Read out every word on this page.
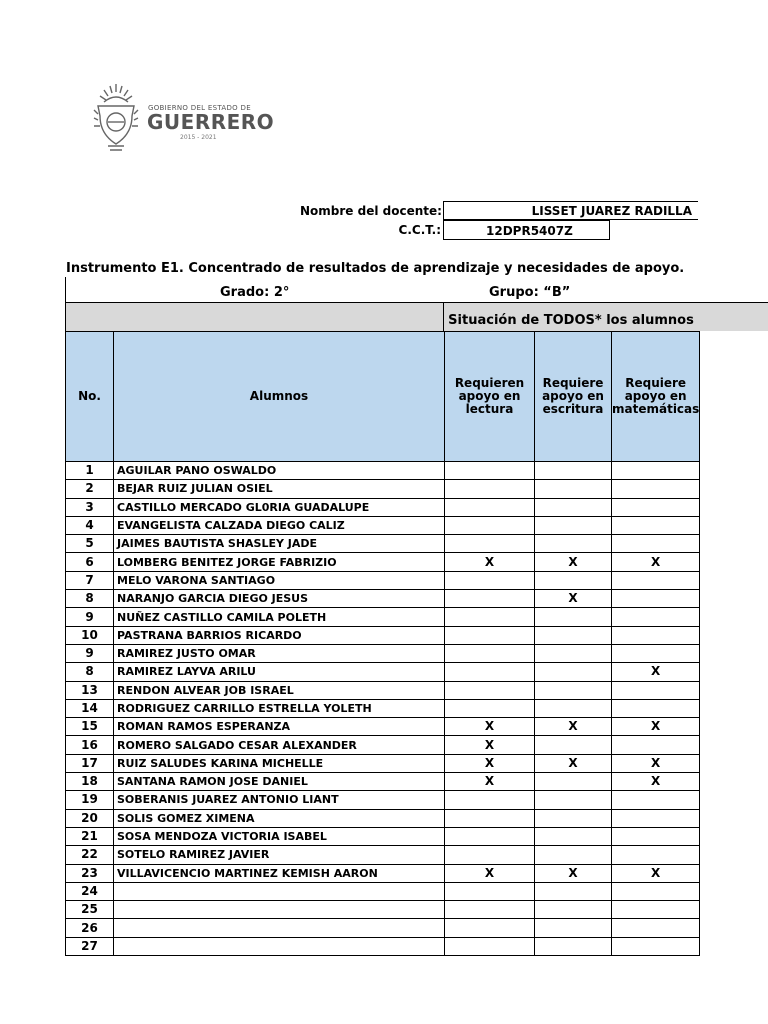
GOBIERNO DEL ESTADO DE
GUERRERO
2015 - 2021
Nombre del docente:	LISSET JUAREZ RADILLA
C.C.T.:	12DPR5407Z
Instrumento E1. Concentrado de resultados de aprendizaje y necesidades de apoyo.
Grado: 2°	Grupo: “B”
Situación de TODOS* los alumnos
No.	Alumnos	Requieren apoyo en lectura	Requiere apoyo en escritura	Requiere apoyo en matemáticas
1	AGUILAR PANO OSWALDO			
2	BEJAR RUIZ JULIAN OSIEL			
3	CASTILLO MERCADO GL0RIA GUADALUPE			
4	EVANGELISTA CALZADA DIEGO CALIZ			
5	JAIMES BAUTISTA SHASLEY JADE			
6	LOMBERG BENITEZ JORGE FABRIZIO	X	X	X
7	MELO VARONA SANTIAGO			
8	NARANJO GARCIA DIEGO JESUS		X	
9	NUÑEZ CASTILLO CAMILA POLETH			
10	PASTRANA BARRIOS RICARDO			
9	RAMIREZ JUSTO OMAR			
8	RAMIREZ LAYVA ARILU			X
13	RENDON ALVEAR JOB ISRAEL			
14	RODRIGUEZ CARRILLO ESTRELLA YOLETH			
15	ROMAN RAMOS ESPERANZA	X	X	X
16	ROMERO SALGADO CESAR ALEXANDER	X		
17	RUIZ SALUDES KARINA MICHELLE	X	X	X
18	SANTANA RAMON JOSE DANIEL	X		X
19	SOBERANIS JUAREZ ANTONIO LIANT			
20	SOLIS GOMEZ XIMENA			
21	SOSA MENDOZA VICTORIA ISABEL			
22	SOTELO RAMIREZ JAVIER			
23	VILLAVICENCIO MARTINEZ KEMISH AARON	X	X	X
24				
25				
26				
27				
